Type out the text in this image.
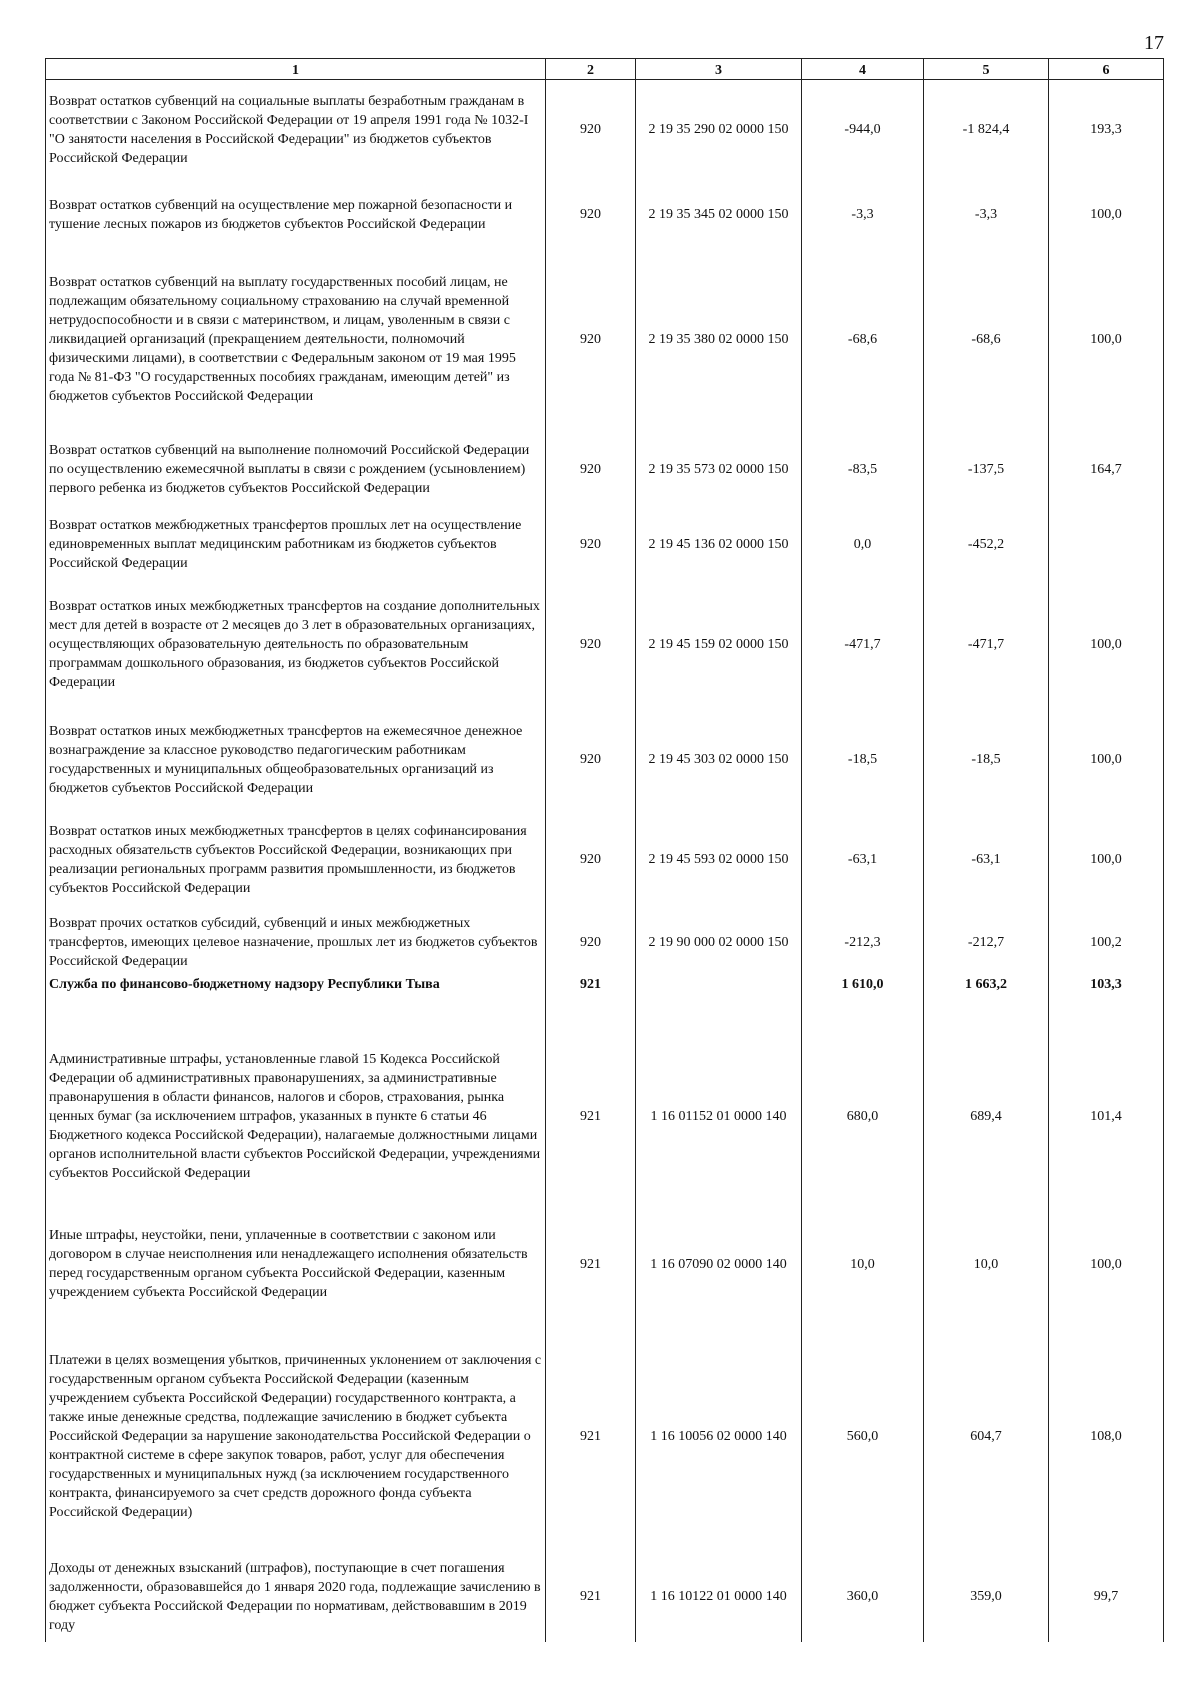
17
1	2	3	4	5	6
Возврат остатков субвенций на социальные выплаты безработным гражданам в соответствии с Законом Российской Федерации от 19 апреля 1991 года № 1032-I "О занятости населения в Российской Федерации" из бюджетов субъектов Российской Федерации	920	2 19 35 290 02 0000 150	-944,0	-1 824,4	193,3
Возврат остатков субвенций на осуществление мер пожарной безопасности и тушение лесных пожаров из бюджетов субъектов Российской Федерации	920	2 19 35 345 02 0000 150	-3,3	-3,3	100,0
Возврат остатков субвенций на выплату государственных пособий лицам, не подлежащим обязательному социальному страхованию на случай временной нетрудоспособности и в связи с материнством, и лицам, уволенным в связи с ликвидацией организаций (прекращением деятельности, полномочий физическими лицами), в соответствии с Федеральным законом от 19 мая 1995 года № 81-ФЗ "О государственных пособиях гражданам, имеющим детей" из бюджетов субъектов Российской Федерации	920	2 19 35 380 02 0000 150	-68,6	-68,6	100,0
Возврат остатков субвенций на выполнение полномочий Российской Федерации по осуществлению ежемесячной выплаты в связи с рождением (усыновлением) первого ребенка из бюджетов субъектов Российской Федерации	920	2 19 35 573 02 0000 150	-83,5	-137,5	164,7
Возврат остатков межбюджетных трансфертов прошлых лет на осуществление единовременных выплат медицинским работникам из бюджетов субъектов Российской Федерации	920	2 19 45 136 02 0000 150	0,0	-452,2	
Возврат остатков иных межбюджетных трансфертов на создание дополнительных мест для детей в возрасте от 2 месяцев до 3 лет в образовательных организациях, осуществляющих образовательную деятельность по образовательным программам дошкольного образования, из бюджетов субъектов Российской Федерации	920	2 19 45 159 02 0000 150	-471,7	-471,7	100,0
Возврат остатков иных межбюджетных трансфертов на ежемесячное денежное вознаграждение за классное руководство педагогическим работникам государственных и муниципальных общеобразовательных организаций из бюджетов субъектов Российской Федерации	920	2 19 45 303 02 0000 150	-18,5	-18,5	100,0
Возврат остатков иных межбюджетных трансфертов в целях софинансирования расходных обязательств субъектов Российской Федерации, возникающих при реализации региональных программ развития промышленности, из бюджетов субъектов Российской Федерации	920	2 19 45 593 02 0000 150	-63,1	-63,1	100,0
Возврат прочих остатков субсидий, субвенций и иных межбюджетных трансфертов, имеющих целевое назначение, прошлых лет из бюджетов субъектов Российской Федерации	920	2 19 90 000 02 0000 150	-212,3	-212,7	100,2
Служба по финансово-бюджетному надзору Республики Тыва	921		1 610,0	1 663,2	103,3
Административные штрафы, установленные главой 15 Кодекса Российской Федерации об административных правонарушениях, за административные правонарушения в области финансов, налогов и сборов, страхования, рынка ценных бумаг (за исключением штрафов, указанных в пункте 6 статьи 46 Бюджетного кодекса Российской Федерации), налагаемые должностными лицами органов исполнительной власти субъектов Российской Федерации, учреждениями субъектов Российской Федерации	921	1 16 01152 01 0000 140	680,0	689,4	101,4
Иные штрафы, неустойки, пени, уплаченные в соответствии с законом или договором в случае неисполнения или ненадлежащего исполнения обязательств перед государственным органом субъекта Российской Федерации, казенным учреждением субъекта Российской Федерации	921	1 16 07090 02 0000 140	10,0	10,0	100,0
Платежи в целях возмещения убытков, причиненных уклонением от заключения с государственным органом субъекта Российской Федерации (казенным учреждением субъекта Российской Федерации) государственного контракта, а также иные денежные средства, подлежащие зачислению в бюджет субъекта Российской Федерации за нарушение законодательства Российской Федерации о контрактной системе в сфере закупок товаров, работ, услуг для обеспечения государственных и муниципальных нужд (за исключением государственного контракта, финансируемого за счет средств дорожного фонда субъекта Российской Федерации)	921	1 16 10056 02 0000 140	560,0	604,7	108,0
Доходы от денежных взысканий (штрафов), поступающие в счет погашения задолженности, образовавшейся до 1 января 2020 года, подлежащие зачислению в бюджет субъекта Российской Федерации по нормативам, действовавшим в 2019 году	921	1 16 10122 01 0000 140	360,0	359,0	99,7
